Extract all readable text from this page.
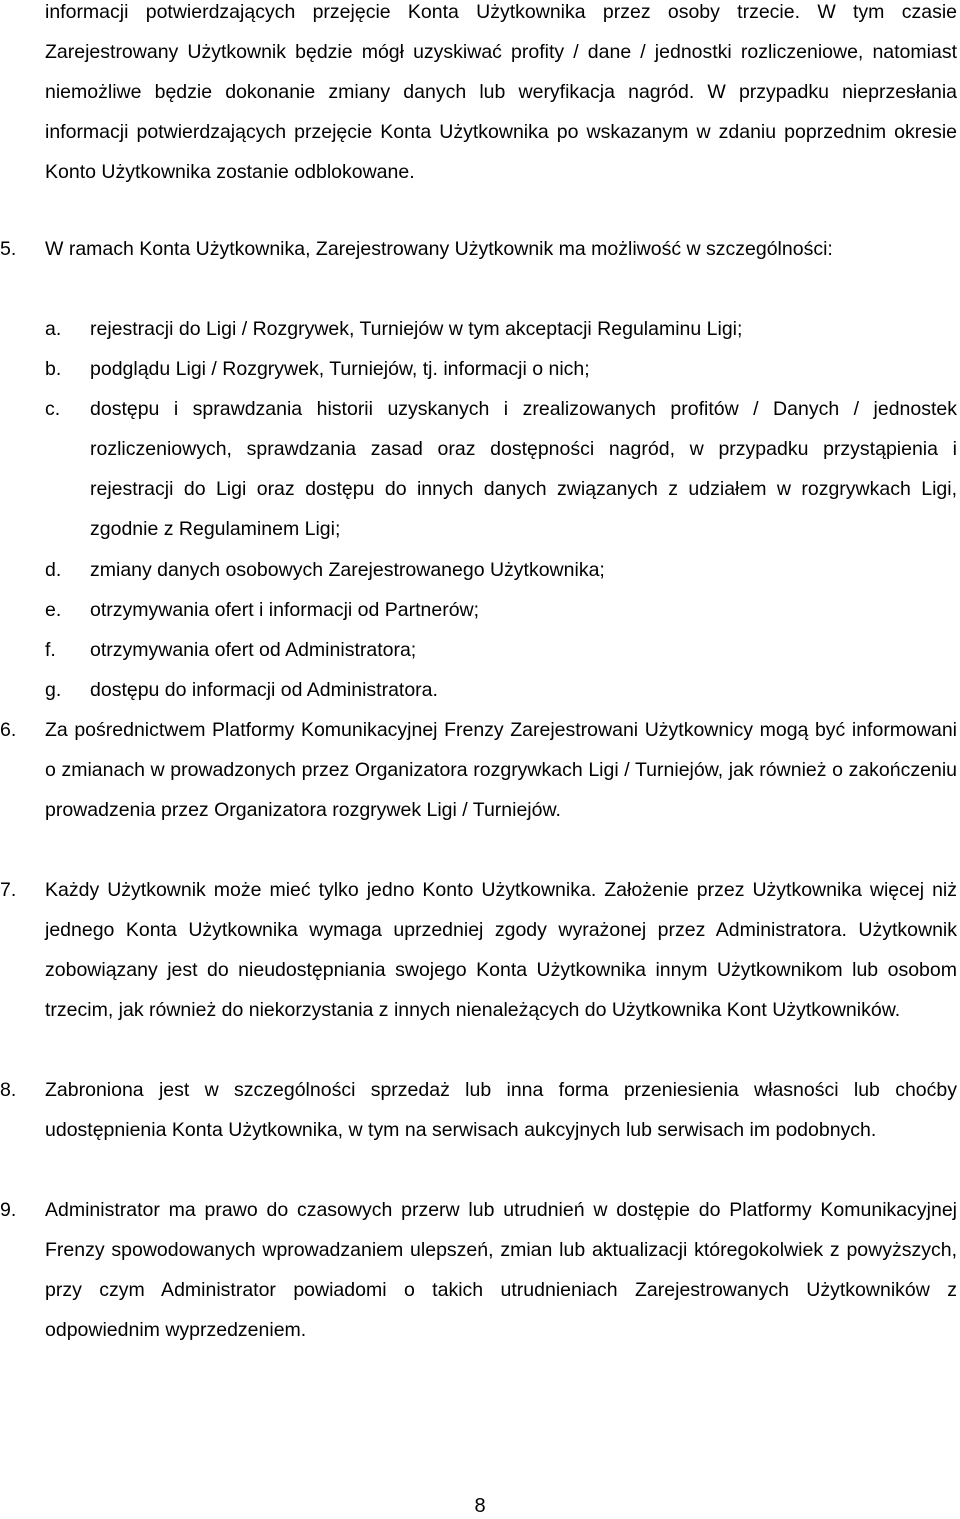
informacji potwierdzających przejęcie Konta Użytkownika przez osoby trzecie. W tym czasie Zarejestrowany Użytkownik będzie mógł uzyskiwać profity / dane / jednostki rozliczeniowe, natomiast niemożliwe będzie dokonanie zmiany danych lub weryfikacja nagród. W przypadku nieprzesłania informacji potwierdzających przejęcie Konta Użytkownika po wskazanym w zdaniu poprzednim okresie Konto Użytkownika zostanie odblokowane.
5.	W ramach Konta Użytkownika, Zarejestrowany Użytkownik ma możliwość w szczególności:
a.	rejestracji do Ligi / Rozgrywek, Turniejów w tym akceptacji Regulaminu Ligi;
b.	podglądu Ligi / Rozgrywek, Turniejów, tj. informacji o nich;
c.	dostępu i sprawdzania historii uzyskanych i zrealizowanych profitów / Danych / jednostek rozliczeniowych, sprawdzania zasad oraz dostępności nagród, w przypadku przystąpienia i rejestracji do Ligi oraz dostępu do innych danych związanych z udziałem w rozgrywkach Ligi, zgodnie z Regulaminem Ligi;
d.	zmiany danych osobowych Zarejestrowanego Użytkownika;
e.	otrzymywania ofert i informacji od Partnerów;
f.	otrzymywania ofert od Administratora;
g.	dostępu do informacji od Administratora.
6.	Za pośrednictwem Platformy Komunikacyjnej Frenzy Zarejestrowani Użytkownicy mogą być informowani o zmianach w prowadzonych przez Organizatora rozgrywkach Ligi / Turniejów, jak również o zakończeniu prowadzenia przez Organizatora rozgrywek Ligi / Turniejów.
7.	Każdy Użytkownik może mieć tylko jedno Konto Użytkownika. Założenie przez Użytkownika więcej niż jednego Konta Użytkownika wymaga uprzedniej zgody wyrażonej przez Administratora. Użytkownik zobowiązany jest do nieudostępniania swojego Konta Użytkownika innym Użytkownikom lub osobom trzecim, jak również do niekorzystania z innych nienależących do Użytkownika Kont Użytkowników.
8.	Zabroniona jest w szczególności sprzedaż lub inna forma przeniesienia własności lub choćby udostępnienia Konta Użytkownika, w tym na serwisach aukcyjnych lub serwisach im podobnych.
9.	Administrator ma prawo do czasowych przerw lub utrudnień w dostępie do Platformy Komunikacyjnej Frenzy spowodowanych wprowadzaniem ulepszeń, zmian lub aktualizacji któregokolwiek z powyższych, przy czym Administrator powiadomi o takich utrudnieniach Zarejestrowanych Użytkowników z odpowiednim wyprzedzeniem.
8
